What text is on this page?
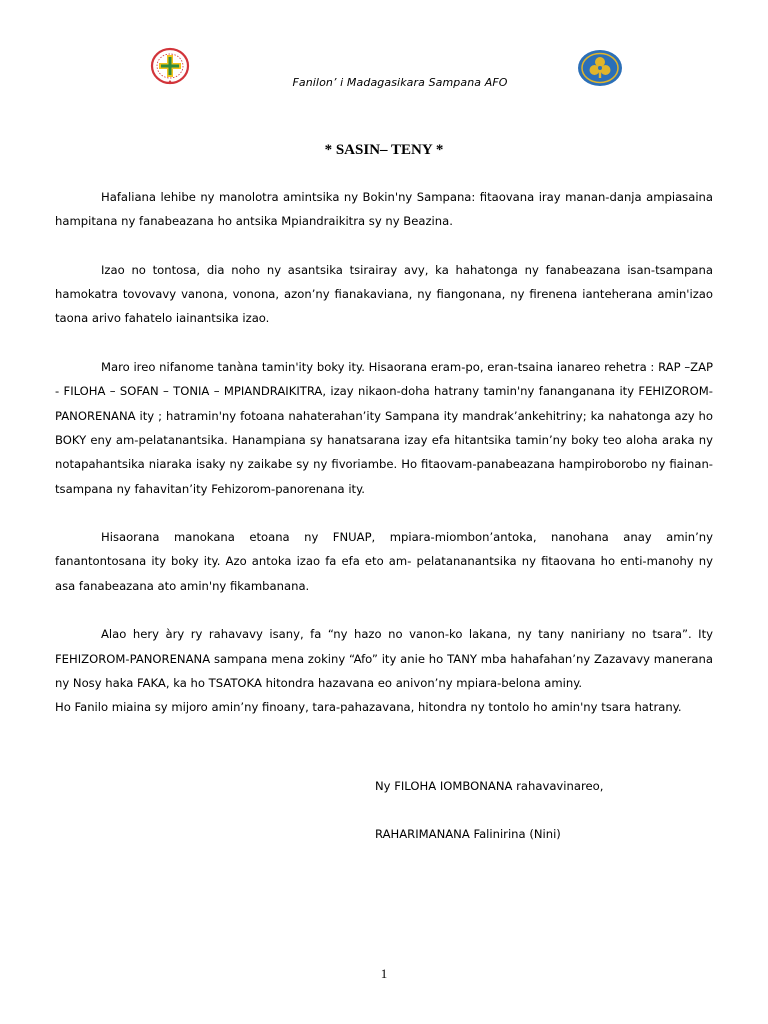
Fanilon’ i Madagasikara Sampana AFO
* SASIN– TENY *

Hafaliana lehibe ny manolotra amintsika ny Bokin'ny Sampana: fitaovana iray manan-danja ampiasaina hampitana ny fanabeazana ho antsika Mpiandraikitra sy ny Beazina.

Izao no tontosa, dia noho ny asantsika tsirairay avy, ka hahatonga ny fanabeazana isan-tsampana hamokatra tovovavy vanona, vonona, azon’ny fianakaviana, ny fiangonana, ny firenena ianteherana amin'izao taona arivo fahatelo iainantsika izao.

Maro ireo nifanome tanàna tamin'ity boky ity. Hisaorana eram-po, eran-tsaina ianareo rehetra : RAP –ZAP - FILOHA – SOFAN – TONIA – MPIANDRAIKITRA, izay nikaon-doha hatrany tamin'ny fananganana ity FEHIZOROM-PANORENANA ity ; hatramin'ny fotoana nahaterahan’ity Sampana ity mandrak’ankehitriny; ka nahatonga azy ho BOKY eny am-pelatanantsika. Hanampiana sy hanatsarana izay efa hitantsika tamin’ny boky teo aloha araka ny notapahantsika niaraka isaky ny zaikabe sy ny fivoriambe. Ho fitaovam-panabeazana hampiroborobo ny fiainan-tsampana ny fahavitan’ity Fehizorom-panorenana ity.

Hisaorana manokana etoana ny FNUAP, mpiara-miombon’antoka, nanohana anay amin’ny fanantontosana ity boky ity. Azo antoka izao fa efa eto am- pelatananantsika ny fitaovana ho enti-manohy ny asa fanabeazana ato amin'ny fikambanana.

Alao hery àry ry rahavavy isany, fa “ny hazo no vanon-ko lakana, ny tany naniriany no tsara”. Ity FEHIZOROM-PANORENANA sampana mena zokiny “Afo” ity anie ho TANY mba hahafahan’ny Zazavavy manerana ny Nosy haka FAKA, ka ho TSATOKA hitondra hazavana eo anivon’ny mpiara-belona aminy.

Ho Fanilo miaina sy mijoro amin’ny finoany, tara-pahazavana, hitondra ny tontolo ho amin'ny tsara hatrany.

Ny FILOHA IOMBONANA rahavavinareo,
RAHARIMANANA Falinirina (Nini)
1
